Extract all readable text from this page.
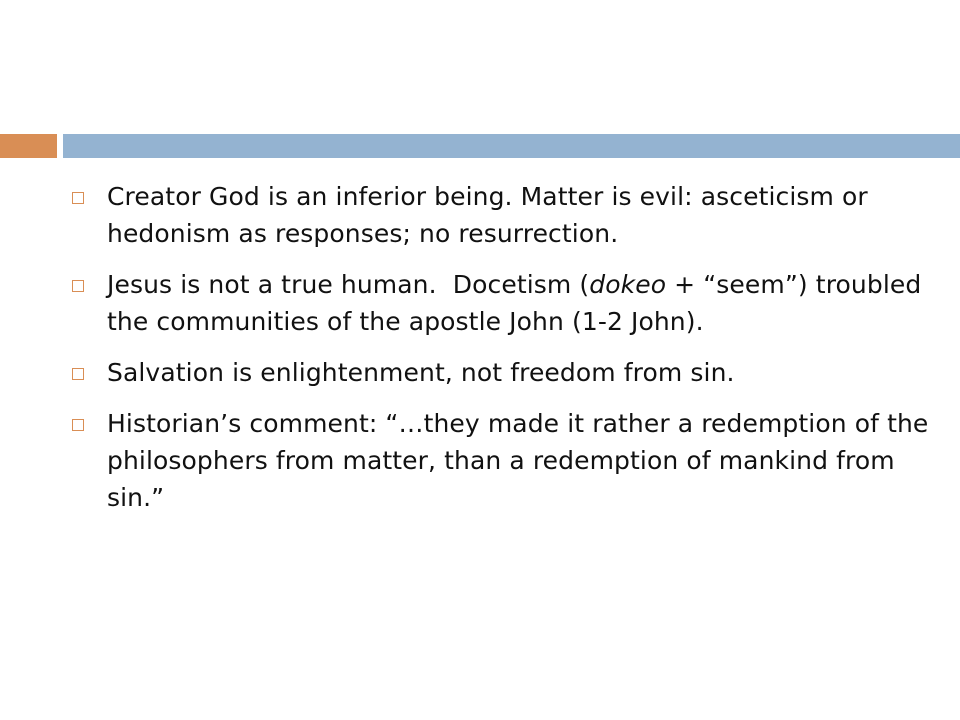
Creator God is an inferior being. Matter is evil: asceticism or hedonism as responses; no resurrection.
Jesus is not a true human.  Docetism (dokeo + “seem”) troubled the communities of the apostle John (1-2 John).
Salvation is enlightenment, not freedom from sin.
Historian’s comment: “…they made it rather a redemption of the philosophers from matter, than a redemption of mankind from sin.”
